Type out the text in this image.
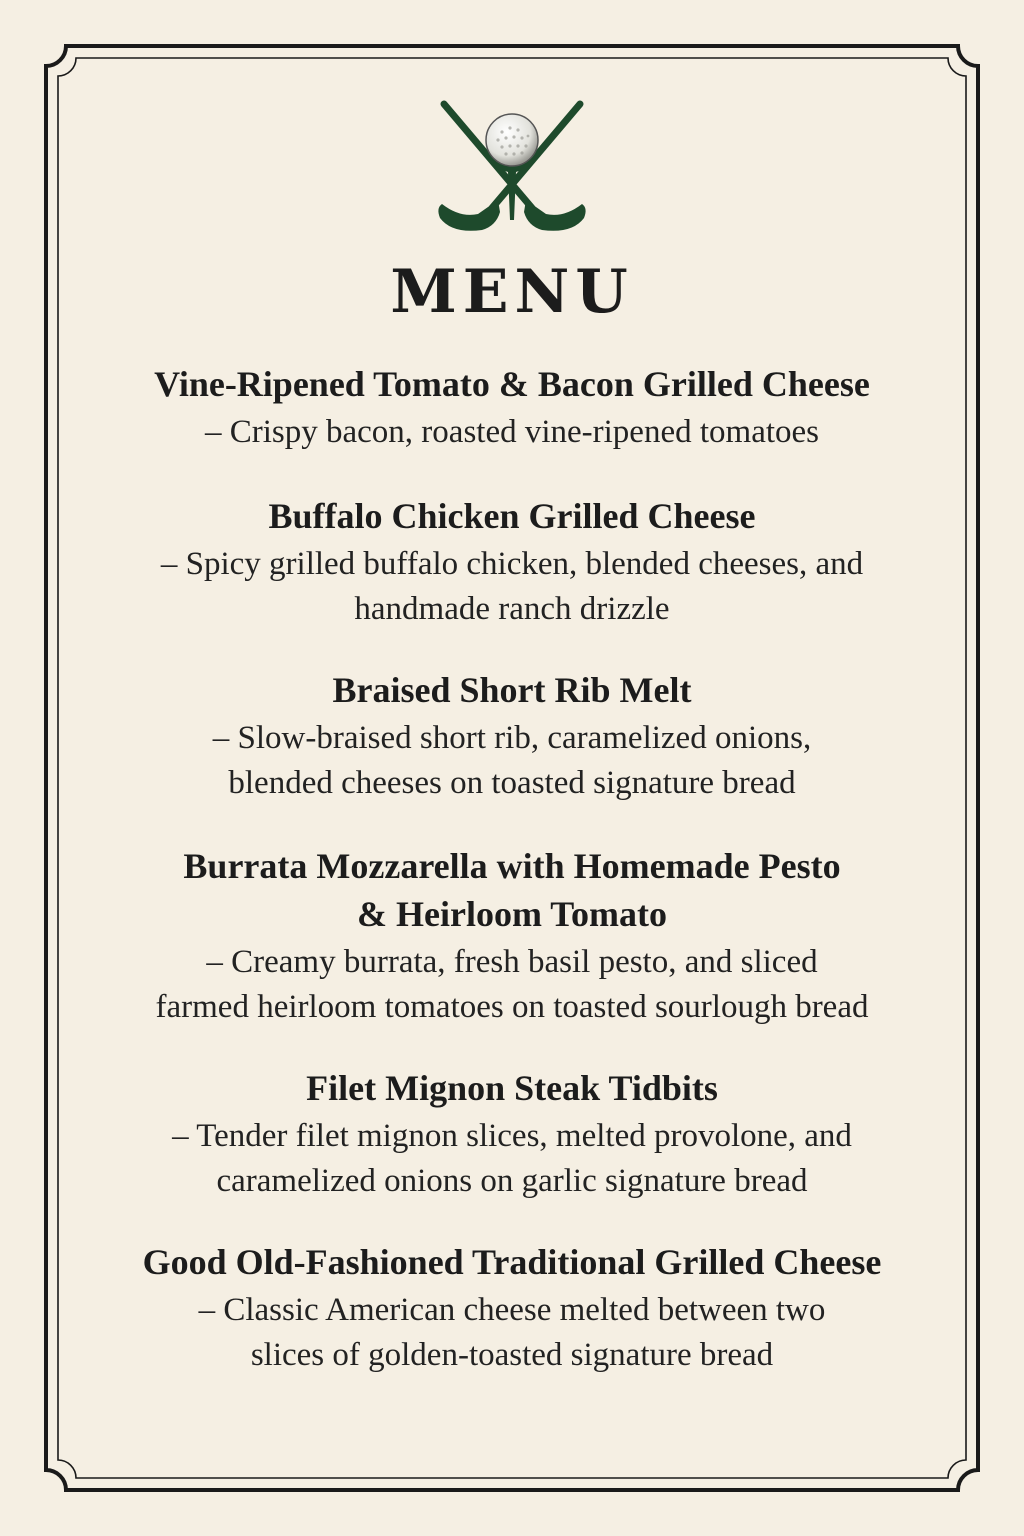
MENU
Vine-Ripened Tomato & Bacon Grilled Cheese
– Crispy bacon, roasted vine-ripened tomatoes
Buffalo Chicken Grilled Cheese
– Spicy grilled buffalo chicken, blended cheeses, and
handmade ranch drizzle
Braised Short Rib Melt
– Slow-braised short rib, caramelized onions,
blended cheeses on toasted signature bread
Burrata Mozzarella with Homemade Pesto
& Heirloom Tomato
– Creamy burrata, fresh basil pesto, and sliced
farmed heirloom tomatoes on toasted sourlough bread
Filet Mignon Steak Tidbits
– Tender filet mignon slices, melted provolone, and
caramelized onions on garlic signature bread
Good Old-Fashioned Traditional Grilled Cheese
– Classic American cheese melted between two
slices of golden-toasted signature bread
